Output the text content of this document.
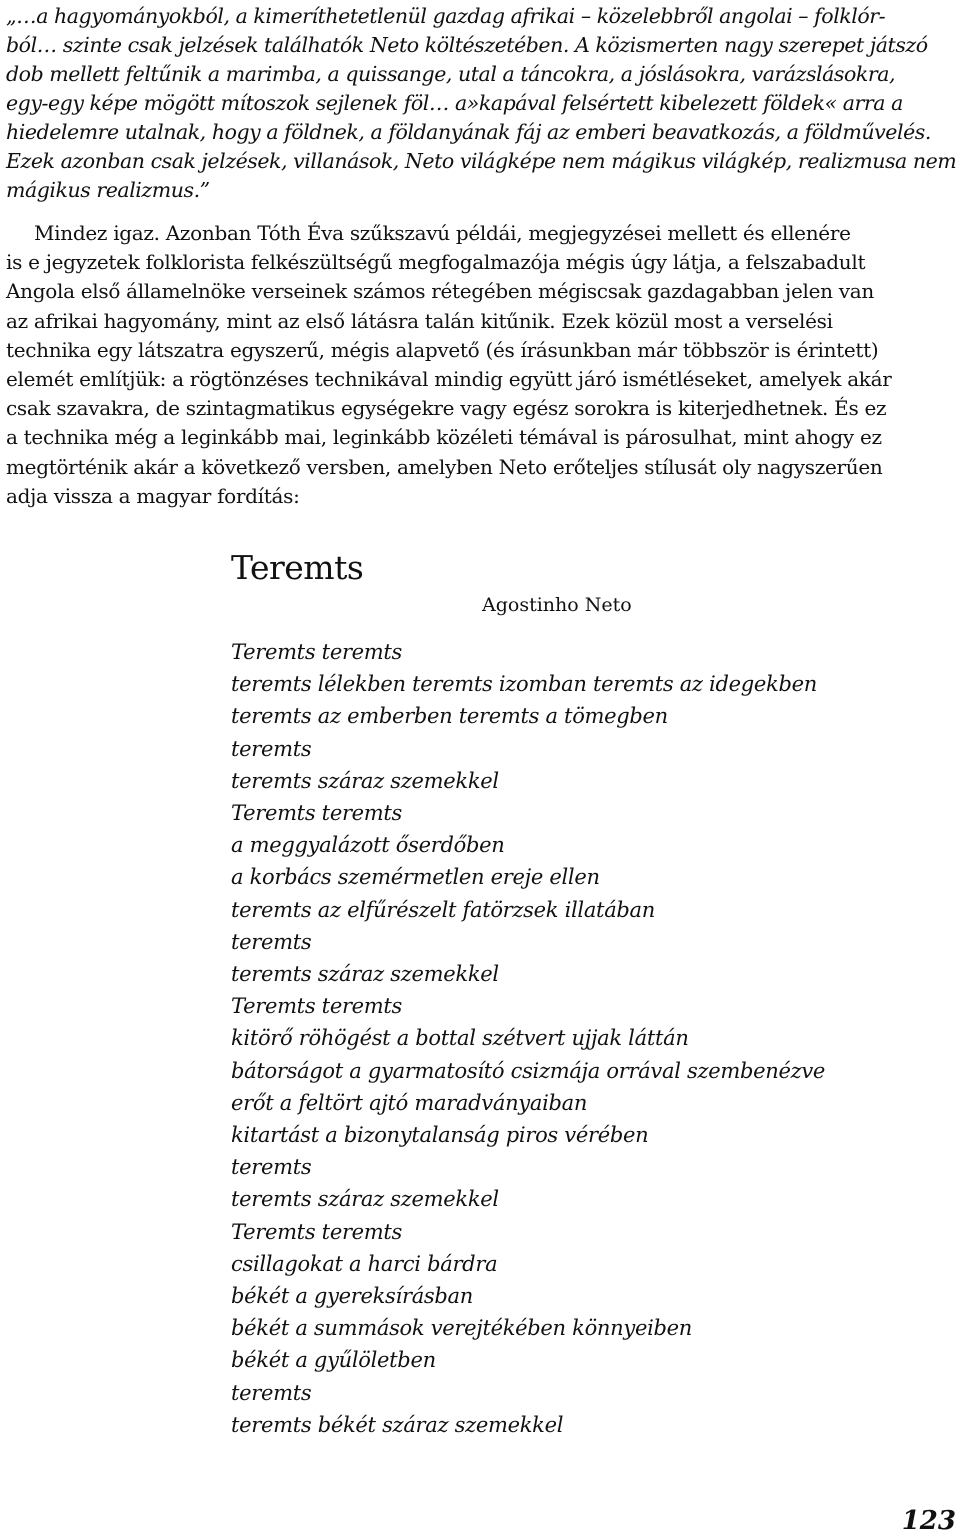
„…a hagyományokból, a kimeríthetetlenül gazdag afrikai – közelebbről angolai – folklór-
ból… szinte csak jelzések találhatók Neto költészetében. A közismerten nagy szerepet játszó
dob mellett feltűnik a marimba, a quissange, utal a táncokra, a jóslásokra, varázslásokra,
egy-egy képe mögött mítoszok sejlenek föl… a»kapával felsértett kibelezett földek« arra a
hiedelemre utalnak, hogy a földnek, a földanyának fáj az emberi beavatkozás, a földművelés.
Ezek azonban csak jelzések, villanások, Neto világképe nem mágikus világkép, realizmusa nem
mágikus realizmus.”
Mindez igaz. Azonban Tóth Éva szűkszavú példái, megjegyzései mellett és ellenére
is e jegyzetek folklorista felkészültségű megfogalmazója mégis úgy látja, a felszabadult
Angola első államelnöke verseinek számos rétegében mégiscsak gazdagabban jelen van
az afrikai hagyomány, mint az első látásra talán kitűnik. Ezek közül most a verselési
technika egy látszatra egyszerű, mégis alapvető (és írásunkban már többször is érintett)
elemét említjük: a rögtönzéses technikával mindig együtt járó ismétléseket, amelyek akár
csak szavakra, de szintagmatikus egységekre vagy egész sorokra is kiterjedhetnek. És ez
a technika még a leginkább mai, leginkább közéleti témával is párosulhat, mint ahogy ez
megtörténik akár a következő versben, amelyben Neto erőteljes stílusát oly nagyszerűen
adja vissza a magyar fordítás:
Teremts

Agostinho Neto

Teremts teremts
teremts lélekben teremts izomban teremts az idegekben
teremts az emberben teremts a tömegben
teremts
teremts száraz szemekkel
Teremts teremts
a meggyalázott őserdőben
a korbács szemérmetlen ereje ellen
teremts az elfűrészelt fatörzsek illatában
teremts
teremts száraz szemekkel
Teremts teremts
kitörő röhögést a bottal szétvert ujjak láttán
bátorságot a gyarmatosító csizmája orrával szembenézve
erőt a feltört ajtó maradványaiban
kitartást a bizonytalanság piros vérében
teremts
teremts száraz szemekkel
Teremts teremts
csillagokat a harci bárdra
békét a gyereksírásban
békét a summások verejtékében könnyeiben
békét a gyűlöletben
teremts
teremts békét száraz szemekkel

123
